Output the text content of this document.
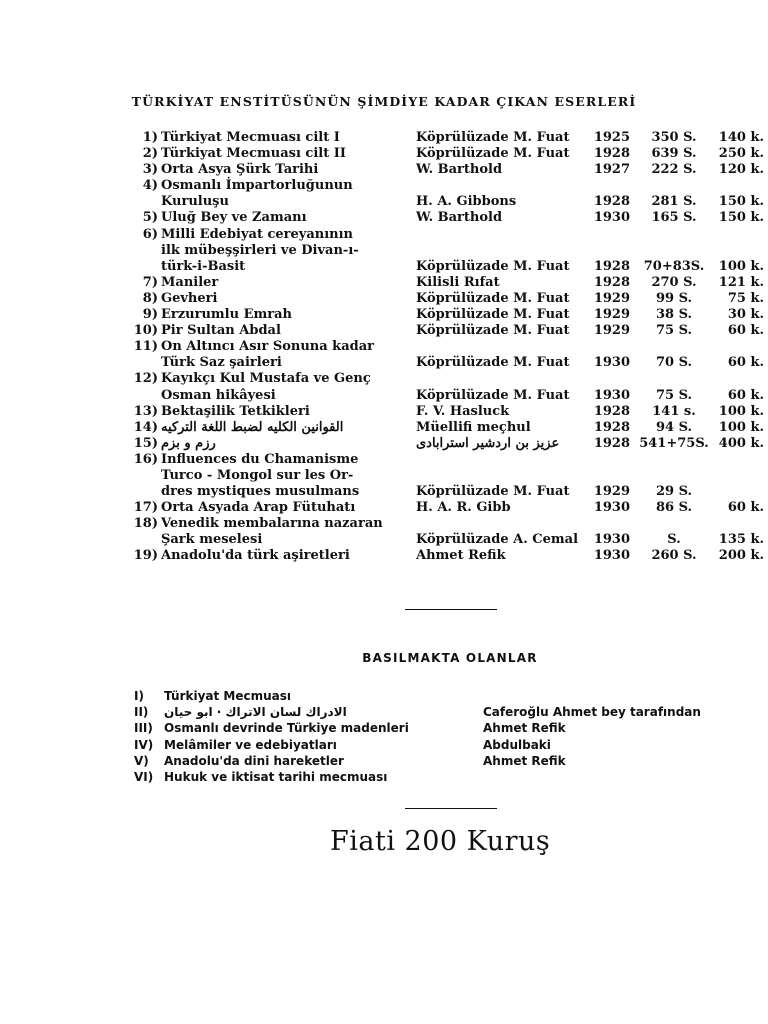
TÜRKİYAT ENSTİTÜSÜNÜN ŞİMDİYE KADAR ÇIKAN ESERLERİ
1) Türkiyat Mecmuası cilt I	Köprülüzade M. Fuat 1925	350 S.	140 k.
2) Türkiyat Mecmuası cilt II	Köprülüzade M. Fuat 1928	639 S.	250 k.
3) Orta Asya Şürk Tarihi	W. Barthold	1927	222 S.	120 k.
4) Osmanlı İmpartorluğunun
Kuruluşu	H. A. Gibbons	1928	281 S.	150 k.
5) Uluğ Bey ve Zamanı	W. Barthold	1930	165 S.	150 k.
6) Milli Edebiyat cereyanının
ilk mübeşşirleri ve Divan-ı-
türk-i-Basit	Köprülüzade M. Fuat 1928	70+83S.	100 k.
7) Maniler	Kilisli Rıfat	1928	270 S.	121 k.
8) Gevheri	Köprülüzade M. Fuat 1929	99 S.	75 k.
9) Erzurumlu Emrah	Köprülüzade M. Fuat 1929	38 S.	30 k.
10) Pir Sultan Abdal	Köprülüzade M. Fuat 1929	75 S.	60 k.
11) On Altıncı Asır Sonuna kadar
Türk Saz şairleri	Köprülüzade M. Fuat 1930	70 S.	60 k.
12) Kayıkçı Kul Mustafa ve Genç
Osman hikâyesi	Köprülüzade M. Fuat 1930	75 S.	60 k.
13) Bektaşilik Tetkikleri	F. V. Hasluck	1928	141 s.	100 k.
14) القوانين الكليه لضبط اللغة التركيه	Müellifi meçhul	1928	94 S.	100 k.
15) رزم و بزم	عزيز بن اردشير استرابادى	1928 541+75S. 400 k.
16) Influences du Chamanisme
Turco - Mongol sur les Or-
dres mystiques musulmans	Köprülüzade M. Fuat 1929	29 S.
17) Orta Asyada Arap Fütuhatı	H. A. R. Gibb	1930	86 S.	60 k.
18) Venedik membalarına nazaran
Şark meselesi	Köprülüzade A. Cemal 1930	S.	135 k.
19) Anadolu'da türk aşiretleri	Ahmet Refik	1930	260 S.	200 k.
BASILMAKTA OLANLAR
I) Türkiyat Mecmuası
II) الادراك لسان الاتراك · ابو حيان	Caferoğlu Ahmet bey tarafından
III) Osmanlı devrinde Türkiye madenleri	Ahmet Refik
IV) Melâmiler ve edebiyatları	Abdulbaki
V) Anadolu'da dini hareketler	Ahmet Refik
VI) Hukuk ve iktisat tarihi mecmuası
Fiati 200 Kuruş
